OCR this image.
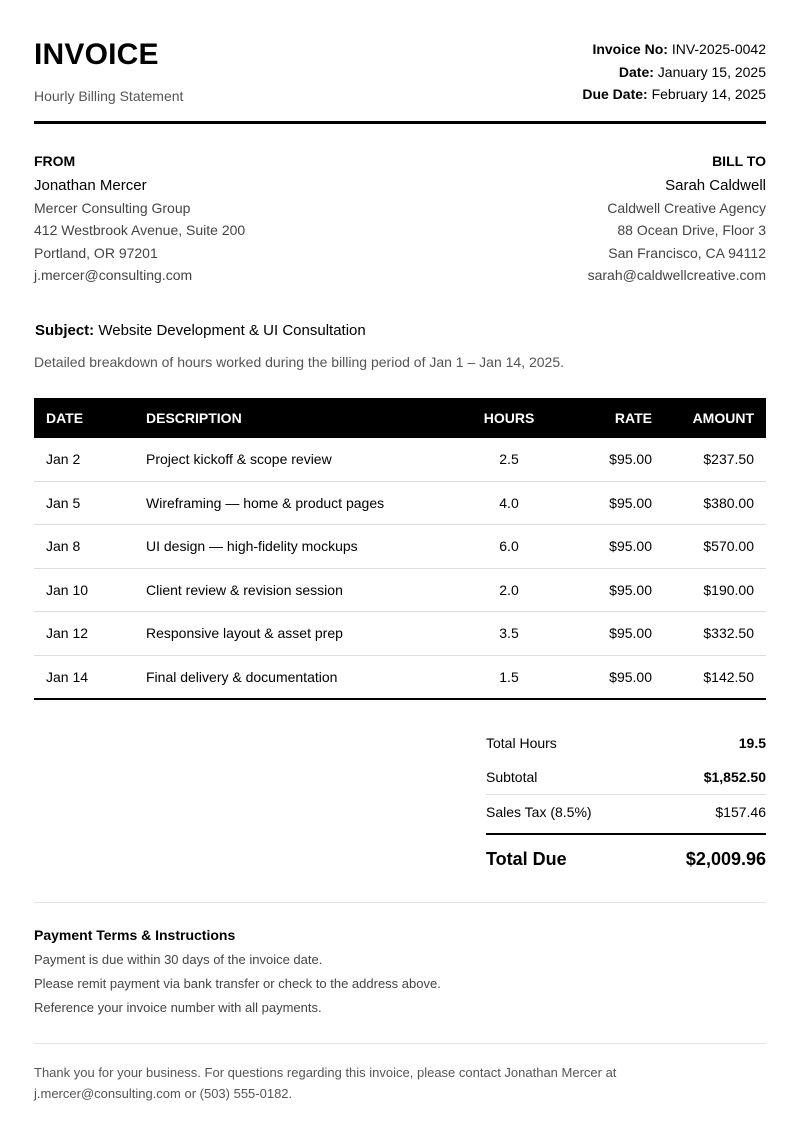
INVOICE
Hourly Billing Statement
Invoice No: INV-2025-0042
Date: January 15, 2025
Due Date: February 14, 2025
FROM
Jonathan Mercer
Mercer Consulting Group
412 Westbrook Avenue, Suite 200
Portland, OR 97201
j.mercer@consulting.com
BILL TO
Sarah Caldwell
Caldwell Creative Agency
88 Ocean Drive, Floor 3
San Francisco, CA 94112
sarah@caldwellcreative.com
Subject: Website Development & UI Consultation
Detailed breakdown of hours worked during the billing period of Jan 1 – Jan 14, 2025.
DATE	DESCRIPTION	HOURS	RATE	AMOUNT
Jan 2	Project kickoff & scope review	2.5	$95.00	$237.50
Jan 5	Wireframing — home & product pages	4.0	$95.00	$380.00
Jan 8	UI design — high-fidelity mockups	6.0	$95.00	$570.00
Jan 10	Client review & revision session	2.0	$95.00	$190.00
Jan 12	Responsive layout & asset prep	3.5	$95.00	$332.50
Jan 14	Final delivery & documentation	1.5	$95.00	$142.50
Total Hours	19.5
Subtotal	$1,852.50
Sales Tax (8.5%)	$157.46
Total Due	$2,009.96
Payment Terms & Instructions
Payment is due within 30 days of the invoice date.
Please remit payment via bank transfer or check to the address above.
Reference your invoice number with all payments.
Thank you for your business. For questions regarding this invoice, please contact Jonathan Mercer at j.mercer@consulting.com or (503) 555-0182.
